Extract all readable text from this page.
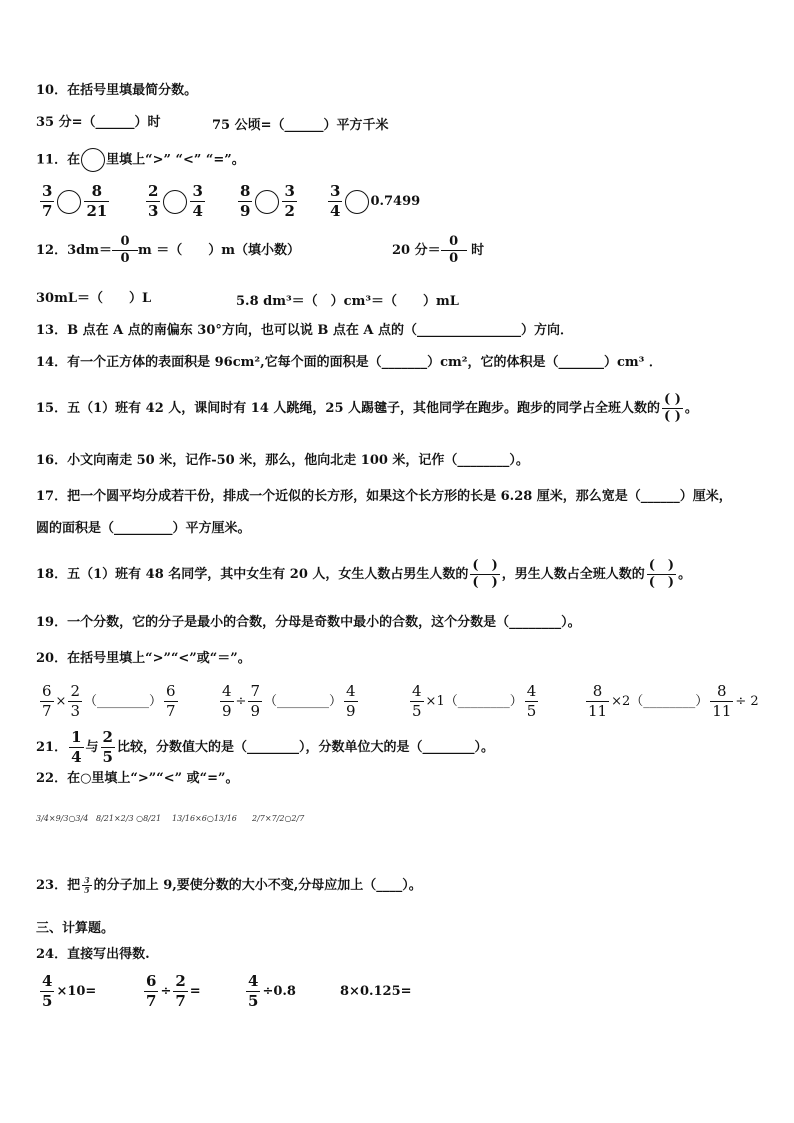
10．在括号里填最简分数。
35 分=（______）时	75 公顷=（______）平方千米
11．在 里填上“>” “<” “=”。
$\frac{3}{7} \frac{8}{21} \frac{2}{3} \frac{3}{4} \frac{8}{9} \frac{3}{2} \frac{3}{4} 0.7499$
12．$3dm= \frac{0}{0}$ m ＝（　　）m（填小数）	20 分＝ $\frac{0}{0}$ 时
30mL＝（　　）L	5.8 dm³＝（　）cm³＝（　　）mL
13．B 点在 A 点的南偏东 30°方向，也可以说 B 点在 A 点的（________________）方向．
14．有一个正方体的表面积是 96cm²,它每个面的面积是（_______）cm²，它的体积是（_______）cm³ ．
15．五（1）班有 42 人，课间时有 14 人跳绳，25 人踢毽子，其他同学在跑步。跑步的同学占全班人数的 $\frac{( )}{( )}$ 。
16．小文向南走 50 米，记作-50 米，那么，他向北走 100 米，记作（________）。
17．把一个圆平均分成若干份，排成一个近似的长方形，如果这个长方形的长是 6.28 厘米，那么宽是（______）厘米，
圆的面积是（_________）平方厘米。
18．五（1）班有 48 名同学，其中女生有 20 人，女生人数占男生人数的 $\frac{( )}{( )}$ ，男生人数占全班人数的 $\frac{( )}{( )}$ 。
19．一个分数，它的分子是最小的合数，分母是奇数中最小的合数，这个分数是（________）。
20．在括号里填上“>”“<”或“＝”。
$\frac{6}{7} \times \frac{2}{3}$ （________） $\frac{6}{7}$	$\frac{4}{9} \div \frac{7}{9}$ （________） $\frac{4}{9}$	$\frac{4}{5}$ ×1（________） $\frac{4}{5}$	$\frac{8}{11}$ ×2（________） $\frac{8}{11} \div 2$
21． $\frac{1}{4}$ 与 $\frac{2}{5}$ 比较，分数值大的是（________），分数单位大的是（________）。
22．在○里填上“>”“<” 或“=”。
3/4×9/3○3/4 8/21×2/3 ○8/21 13/16×6○13/16 2/7×7/2○2/7
23．把 $\frac{3}{5}$ 的分子加上 9,要使分数的大小不变,分母应加上（____）。
三、计算题。
24．直接写出得数.
$\frac{4}{5} \times 10=$	$\frac{6}{7} \div \frac{2}{7}$ =	$\frac{4}{5} \div 0.8$	8×0.125=
